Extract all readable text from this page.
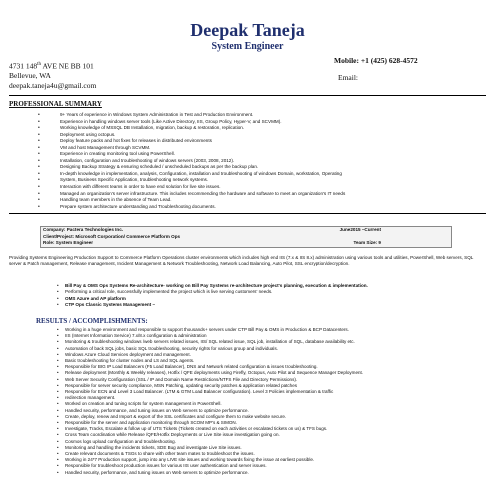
Deepak Taneja
System Engineer
4731 148th AVE NE BB 101
Bellevue, WA
deepak.taneja4u@gmail.com
Mobile: +1 (425) 628-4572
Email:
PROFESSIONAL SUMMARY
• 9+ Years of experience in Windows System Administration in Test and Production Environment.
• Experience in handling windows server tools (Like Active Directory, IIS, Group Policy, Hyper-V, and SCVMM).
• Working knowledge of MSSQL DB Installation, migration, backup & restoration, replication.
• Deployment using octopus.
• Deploy feature packs and hot fixes for releases in distributed environments
• VM and host Management through SCVMM.
• Experience in creating monitoring tool using PowerShell.
• Installation, configuration and troubleshooting of windows servers (2003, 2008, 2012).
• Designing Backup Strategy & ensuring scheduled / unscheduled backups as per the backup plan.
• In-depth knowledge in implementation, analysis, Configuration, installation and troubleshooting of windows Domain, workstation, Operating
• System, Business Specific Application, troubleshooting network systems.
• Interaction with different teams in order to have end solution for live site issues.
• Managed an organization's server infrastructure. This includes recommending the hardware and software to meet an organization's IT needs
• Handling team members in the absence of Team Lead.
• Prepare system architecture understanding and Troubleshooting documents.
Company: Pactera Technologies Inc.	June2015 –Current
Client/Project: Microsoft Corporation/ Commerce Platform Ops
Role: System Engineer	Team Size: 9
Providing Systems Engineering Production Support to Commerce Platform Operations cluster environments which includes high end IIS (7.x & IIS 8.x) administration using various tools and utilities, PowerShell, Web servers, SQL server & Patch management, Release management, Incident Management & Network Troubleshooting, Network Load Balancing, Auto Pilot, SSL encryption/decryption.
• Bill Pay & OMS Ops Systems Re-architecture- working on Bill Pay Systems re-architecture project's planning, execution & implementation.
• Performing a critical role, successfully implemented the project which is live serving customers' needs.
• OMS Azure and AP platform
• CTP Ops Classic Systems Management –
RESULTS / ACCOMPLISHMENTS:
• Working in a huge environment and responsible to support thousands+ servers under CTP Bill Pay & OMS in Production & BCP Datacenters.
• IIS (Internet Information Service) 7.x/8.x configuration & administration
• Monitoring & troubleshooting windows /web servers related issues, IIS/ SQL related issue, SQL job, installation of SQL, database availability etc.
• Automation of back SQL jobs, basic SQL troubleshooting, security rights for various group and individuals.
• Windows Azure Cloud Services deployment and management.
• Basic troubleshooting for cluster nodes and LS and SQL agents.
• Responsible for BIG IP Load Balancers (F5 Load Balancer), DNS and Network related configuration & issues troubleshooting.
• Release deployment (Monthly & Weekly releases), Hotfix / QFE deployments using Firefly, Octopus, Auto Pilot and Sequence Manager Deployment.
• Web Server Security Configuration (SSL / IP and Domain Name Restrictions/NTFS File and Directory Permissions).
• Responsible for server security compliance, MSN Patching, updating security patches & application related patches
• Responsible for ECN and Level 3 Load Balancer. (LTM & GTM Load Balancer configuration). Level 3 Policies implementation & traffic
• redirection management.
• Worked on creation and tuning scripts for system management in PowerShell.
• Handled security, performance, and tuning issues on Web servers to optimize performance.
• Create, deploy, renew and Import & export of the SSL certificates and configure them to make website secure.
• Responsible for the server and application monitoring through SCOM MP's & SIMON.
• Investigate, Tracks, Escalate & follow up of UTS Tickets (Tickets created on each activities or escalated tickets on us) & TFS bugs.
• Cross Team coordination while Release /QFE/Hotfix Deployments or Live Site issue investigation going on.
• Cosmos logs upload configuration and troubleshooting.
• Monitoring and handling the incidents tickets, SDE Bug and investigate Live Site issues.
• Create relevant documents & TSGs to share with other team mates to troubleshoot the issues.
• Working in 24*7 Production support, jump into any LIVE site issues and working towards fixing the issue at earliest possible.
• Responsible for troubleshoot production issues for various IIS user authentication and server issues.
• Handled security, performance, and tuning issues on Web servers to optimize performance.
